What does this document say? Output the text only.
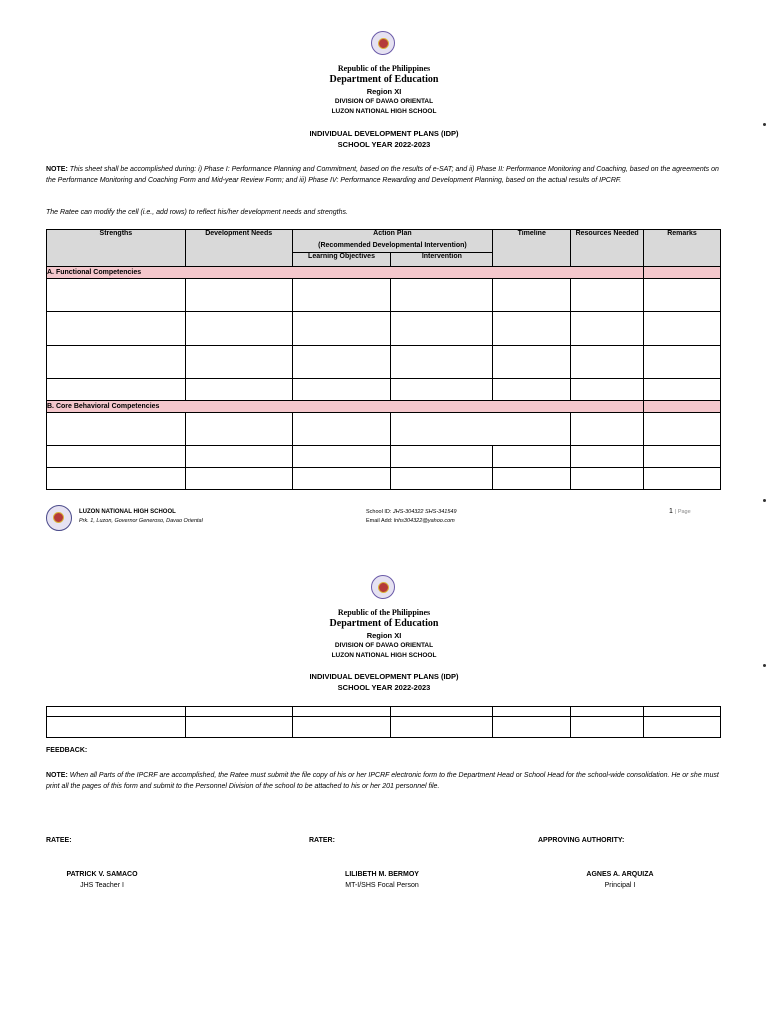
Republic of the Philippines
Department of Education
Region XI
DIVISION OF DAVAO ORIENTAL
LUZON NATIONAL HIGH SCHOOL
INDIVIDUAL DEVELOPMENT PLANS (IDP)
SCHOOL YEAR 2022-2023
NOTE: This sheet shall be accomplished during: i) Phase I: Performance Planning and Commitment, based on the results of e-SAT; and ii) Phase II: Performance Monitoring and Coaching, based on the agreements on the Performance Monitoring and Coaching Form and Mid-year Review Form; and iii) Phase IV: Performance Rewarding and Development Planning, based on the actual results of IPCRF.
The Ratee can modify the cell (i.e., add rows) to reflect his/her development needs and strengths.
Strengths	Development Needs	Action Plan		Timeline	Resources Needed	Remarks
		(Recommended Developmental Intervention)				
		Learning Objectives	Intervention			
A. Functional Competencies						

B. Core Behavioral Competencies						

LUZON NATIONAL HIGH SCHOOL
Prk. 1, Luzon, Governor Generoso, Davao Oriental
School ID: JHS-304322 SHS-341549
Email Add: lnhs304322@yahoo.com
1 | Page
Republic of the Philippines
Department of Education
Region XI
DIVISION OF DAVAO ORIENTAL
LUZON NATIONAL HIGH SCHOOL
INDIVIDUAL DEVELOPMENT PLANS (IDP)
SCHOOL YEAR 2022-2023

FEEDBACK:
NOTE: When all Parts of the IPCRF are accomplished, the Ratee must submit the file copy of his or her IPCRF electronic form to the Department Head or School Head for the school-wide consolidation. He or she must print all the pages of this form and submit to the Personnel Division of the school to be attached to his or her 201 personnel file.
RATEE:	RATER:	APPROVING AUTHORITY:
PATRICK V. SAMACO
JHS Teacher I
LILIBETH M. BERMOY
MT-I/SHS Focal Person
AGNES A. ARQUIZA
Principal I
